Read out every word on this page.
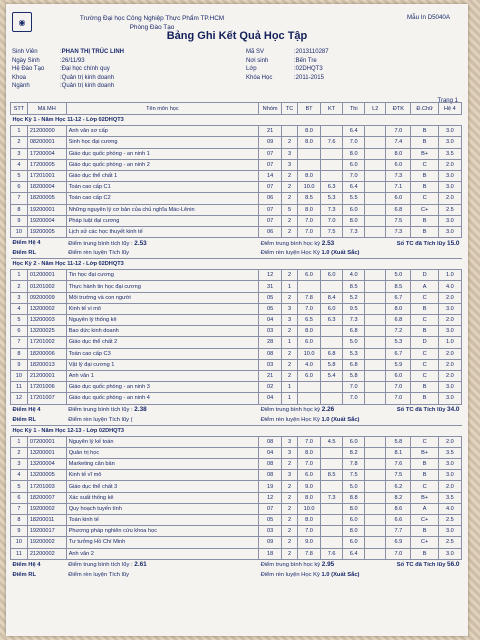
◉	Trường Đại học Công Nghiệp Thực Phẩm TP.HCM
Phòng Đào Tạo
Mẫu In D5040A
Bảng Ghi Kết Quả Học Tập
Sinh Viên	:PHAN THỊ TRÚC LINH
Ngày Sinh	:26/11/93
Hệ Đào Tạo	:Đại học chính quy
Khoa	:Quản trị kinh doanh
Ngành	:Quản trị kinh doanh
Mã SV	:2013110287
Nơi sinh	:Bến Tre
Lớp	:02DHQT3
Khóa Học	:2011-2015
Trang 1
STT	Mã MH	Tên môn học	Nhóm	TC	BT	KT	Thi	L2	ĐTK	Đ.Chữ	Hệ 4
Học Kỳ 1 - Năm Học 11-12 - Lớp 02DHQT3											
1	21200000	Anh văn sơ cấp	21		8.0		6.4		7.0	B	3.0
2	08200001	Sinh học đại cương	09	2	8.0	7.6	7.0		7.4	B	3.0
3	17200004	Giáo dục quốc phòng - an ninh 1	07	3			8.0		8.0	B+	3.5
4	17200005	Giáo dục quốc phòng - an ninh 2	07	3			6.0		6.0	C	2.0
5	17201001	Giáo dục thể chất 1	14	2	8.0		7.0		7.3	B	3.0
6	18200004	Toán cao cấp C1	07	2	10.0	6.3	6.4		7.1	B	3.0
7	18200005	Toán cao cấp C2	06	2	8.5	5.3	5.5		6.0	C	2.0
8	19200001	Những nguyên lý cơ bản của chủ nghĩa Mác-Lênin	07	5	8.0	7.3	6.0		6.8	C+	2.5
9	19200004	Pháp luật đại cương	07	2	7.0	7.0	8.0		7.5	B	3.0
10	19200005	Lịch sử các học thuyết kinh tế	06	2	7.0	7.5	7.3		7.3	B	3.0
Điểm Hệ 4		Điểm trung bình tích lũy : 2.53	Điểm trung bình học kỳ 2.53					Số TC đã Tích lũy 15.0			
Điểm RL		Điểm rèn luyện Tích lũy	Điểm rèn luyện Học Kỳ 1.0 (Xuất Sắc)								
Học Kỳ 2 - Năm Học 11-12 - Lớp 02DHQT3											
1	01200001	Tin học đại cương	12	2	6.0	6.0	4.0		5.0	D	1.0
2	01201002	Thực hành tin học đại cương	31	1			8.5		8.5	A	4.0
3	09200009	Môi trường và con người	05	2	7.8	8.4	5.2		6.7	C	2.0
4	13200002	Kinh tế vi mô	05	3	7.0	6.0	9.5		8.0	B	3.0
5	13200003	Nguyên lý thống kê	04	3	6.5	6.3	7.3		6.8	C	2.0
6	13200025	Bao dức kinh doanh	03	2	8.0		6.8		7.2	B	3.0
7	17201002	Giáo dục thể chất 2	28	1	6.0		5.0		5.3	D	1.0
8	18200006	Toán cao cấp C3	08	2	10.0	6.8	5.3		6.7	C	2.0
9	18200013	Vật lý đại cương 1	03	2	4.0	5.8	6.8		5.9	C	2.0
10	21200001	Anh văn 1	21	2	6.0	5.4	5.8		6.0	C	2.0
11	17201006	Giáo dục quốc phòng - an ninh 3	02	1			7.0		7.0	B	3.0
12	17201007	Giáo dục quốc phòng - an ninh 4	04	1			7.0		7.0	B	3.0
Điểm Hệ 4		Điểm trung bình tích lũy : 2.38	Điểm trung bình học kỳ 2.26					Số TC đã Tích lũy 34.0			
Điểm RL		Điểm rèn luyện Tích lũy (	Điểm rèn luyện Học Kỳ 1.0 (Xuất Sắc)								
Học Kỳ 1 - Năm Học 12-13 - Lớp 02DHQT3											
1	07200001	Nguyên lý kế toán	08	3	7.0	4.5	6.0		5.8	C	2.0
2	13200001	Quản trị học	04	3	8.0		8.2		8.1	B+	3.5
3	13200004	Marketing căn bản	08	2	7.0		7.8		7.6	B	3.0
4	13200005	Kinh tế vĩ mô	08	3	6.0	8.5	7.5		7.5	B	3.0
5	17201003	Giáo dục thể chất 3	19	2	9.0		5.0		6.2	C	2.0
6	18200007	Xác suất thống kê	12	2	8.0	7.3	8.8		8.2	B+	3.5
7	19200002	Quy hoạch tuyến tính	07	2	10.0		8.0		8.6	A	4.0
8	18200011	Toán kinh tế	05	2	8.0		6.0		6.6	C+	2.5
9	19200017	Phương pháp nghiên cứu khoa học	03	2	7.0		8.0		7.7	B	3.0
10	19200002	Tư tưởng Hồ Chí Minh	09	2	9.0		6.0		6.9	C+	2.5
11	21200002	Anh văn 2	18	2	7.8	7.6	6.4		7.0	B	3.0
Điểm Hệ 4		Điểm trung bình tích lũy : 2.61	Điểm trung bình học kỳ 2.95					Số TC đã Tích lũy 56.0			
Điểm RL		Điểm rèn luyện Tích lũy	Điểm rèn luyện Học Kỳ 1.0 (Xuất Sắc)								
